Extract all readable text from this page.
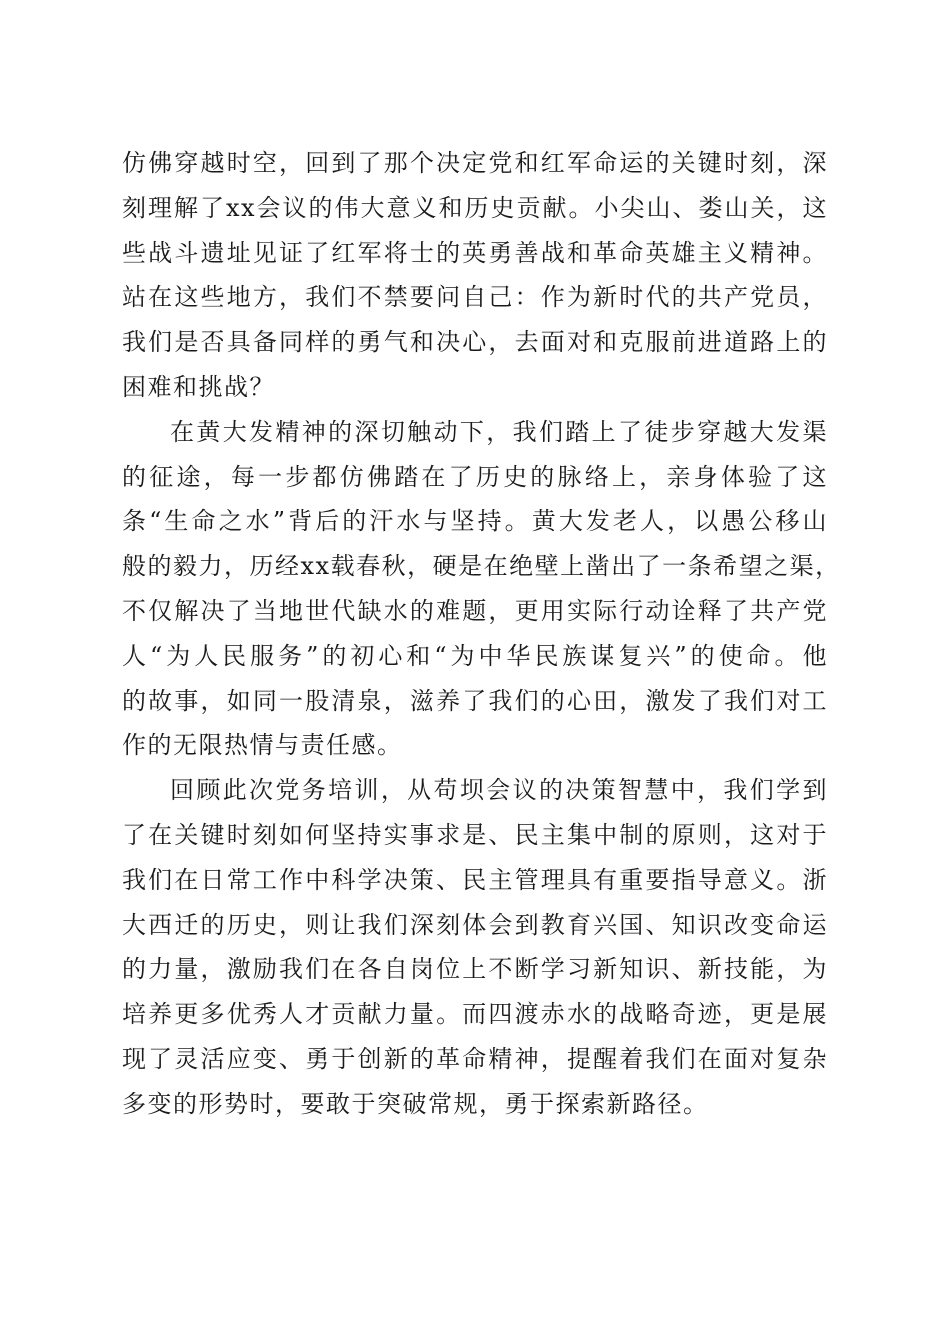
仿佛穿越时空，回到了那个决定党和红军命运的关键时刻，深
刻理解了xx会议的伟大意义和历史贡献。小尖山、娄山关，这
些战斗遗址见证了红军将士的英勇善战和革命英雄主义精神。
站在这些地方，我们不禁要问自己：作为新时代的共产党员，
我们是否具备同样的勇气和决心，去面对和克服前进道路上的
困难和挑战？
在黄大发精神的深切触动下，我们踏上了徒步穿越大发渠
的征途，每一步都仿佛踏在了历史的脉络上，亲身体验了这
条“生命之水”背后的汗水与坚持。黄大发老人，以愚公移山
般的毅力，历经xx载春秋，硬是在绝壁上凿出了一条希望之渠，
不仅解决了当地世代缺水的难题，更用实际行动诠释了共产党
人“为人民服务”的初心和“为中华民族谋复兴”的使命。他
的故事，如同一股清泉，滋养了我们的心田，激发了我们对工
作的无限热情与责任感。
回顾此次党务培训，从苟坝会议的决策智慧中，我们学到
了在关键时刻如何坚持实事求是、民主集中制的原则，这对于
我们在日常工作中科学决策、民主管理具有重要指导意义。浙
大西迁的历史，则让我们深刻体会到教育兴国、知识改变命运
的力量，激励我们在各自岗位上不断学习新知识、新技能，为
培养更多优秀人才贡献力量。而四渡赤水的战略奇迹，更是展
现了灵活应变、勇于创新的革命精神，提醒着我们在面对复杂
多变的形势时，要敢于突破常规，勇于探索新路径。
